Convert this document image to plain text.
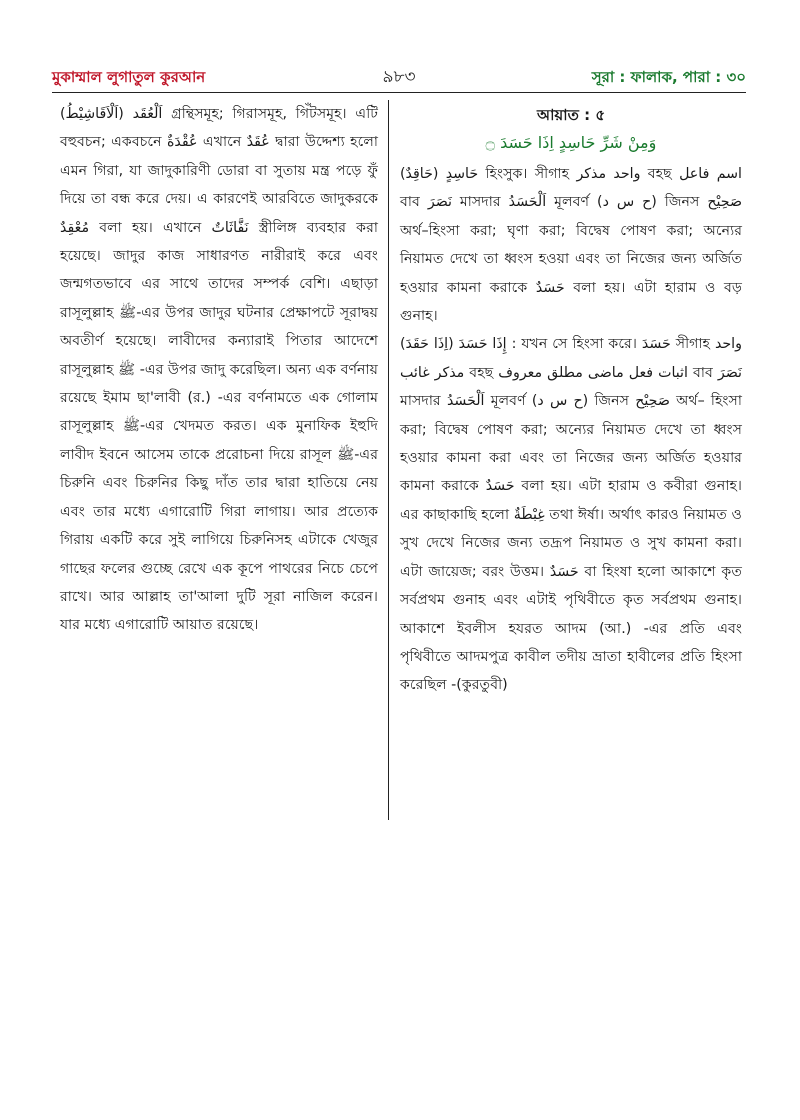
মুকাম্মাল লুগাতুল কুরআন	৯৮৩	সূরা : ফালাক, পারা : ৩০

اَلْعُقَد (اَلْاَقَاشِيْطُ) গ্রন্থিসমূহ; গিরাসমূহ, গিঁটসমূহ। এটি বহুবচন; একবচনে عُقْدَةٌ এখানে عُقَدٌ দ্বারা উদ্দেশ্য হলো এমন গিরা, যা জাদুকারিণী ডোরা বা সুতায় মন্ত্র পড়ে ফুঁ দিয়ে তা বন্ধ করে দেয়। এ কারণেই আরবিতে জাদুকরকে مُعْقِدٌ বলা হয়। এখানে نَفَّاثَاتٌ স্ত্রীলিঙ্গ ব্যবহার করা হয়েছে। জাদুর কাজ সাধারণত নারীরাই করে এবং জন্মগতভাবে এর সাথে তাদের সম্পর্ক বেশি। এছাড়া রাসূলুল্লাহ ﷺ-এর উপর জাদুর ঘটনার প্রেক্ষাপটে সূরাদ্বয় অবতীর্ণ হয়েছে। লাবীদের কন্যারাই পিতার আদেশে রাসূলুল্লাহ ﷺ -এর উপর জাদু করেছিল। অন্য এক বর্ণনায় রয়েছে ইমাম ছা'লাবী (র.) -এর বর্ণনামতে এক গোলাম রাসূলুল্লাহ ﷺ-এর খেদমত করত। এক মুনাফিক ইহুদি লাবীদ ইবনে আসেম তাকে প্ররোচনা দিয়ে রাসূল ﷺ-এর চিরুনি এবং চিরুনির কিছু দাঁত তার দ্বারা হাতিয়ে নেয় এবং তার মধ্যে এগারোটি গিরা লাগায়। আর প্রত্যেক গিরায় একটি করে সুই লাগিয়ে চিরুনিসহ এটাকে খেজুর গাছের ফলের গুচ্ছে রেখে এক কূপে পাথরের নিচে চেপে রাখে। আর আল্লাহ তা'আলা দুটি সূরা নাজিল করেন। যার মধ্যে এগারোটি আয়াত রয়েছে।

আয়াত : ৫
وَمِنْ شَرِّ حَاسِدٍ اِذَا حَسَدَ ۝

حَاسِدٍ (حَاقِدٌ) হিংসুক। সীগাহ واحد مذكر বহছ اسم فاعل বাব نَصَرَ মাসদার اَلْحَسَدُ মূলবর্ণ (ح س د) জিনস صَحِيْح অর্থ–হিংসা করা; ঘৃণা করা; বিদ্বেষ পোষণ করা; অন্যের নিয়ামত দেখে তা ধ্বংস হওয়া এবং তা নিজের জন্য অর্জিত হওয়ার কামনা করাকে حَسَدٌ বলা হয়। এটা হারাম ও বড় গুনাহ।

إِذَا حَسَدَ (اِذَا حَقَدَ) : যখন সে হিংসা করে। حَسَدَ সীগাহ واحد مذكر غائب বহছ اثبات فعل ماضى مطلق معروف বাব نَصَرَ মাসদার اَلْحَسَدُ মূলবর্ণ (ح س د) জিনস صَحِيْح অর্থ– হিংসা করা; বিদ্বেষ পোষণ করা; অন্যের নিয়ামত দেখে তা ধ্বংস হওয়ার কামনা করা এবং তা নিজের জন্য অর্জিত হওয়ার কামনা করাকে حَسَدٌ বলা হয়। এটা হারাম ও কবীরা গুনাহ। এর কাছাকাছি হলো غِبْطَةٌ তথা ঈর্ষা। অর্থাৎ কারও নিয়ামত ও সুখ দেখে নিজের জন্য তদ্রূপ নিয়ামত ও সুখ কামনা করা। এটা জায়েজ; বরং উত্তম। حَسَدٌ বা হিংষা হলো আকাশে কৃত সর্বপ্রথম গুনাহ এবং এটাই পৃথিবীতে কৃত সর্বপ্রথম গুনাহ। আকাশে ইবলীস হযরত আদম (আ.) -এর প্রতি এবং পৃথিবীতে আদমপুত্র কাবীল তদীয় ভ্রাতা হাবীলের প্রতি হিংসা করেছিল -(কুরতুবী)
